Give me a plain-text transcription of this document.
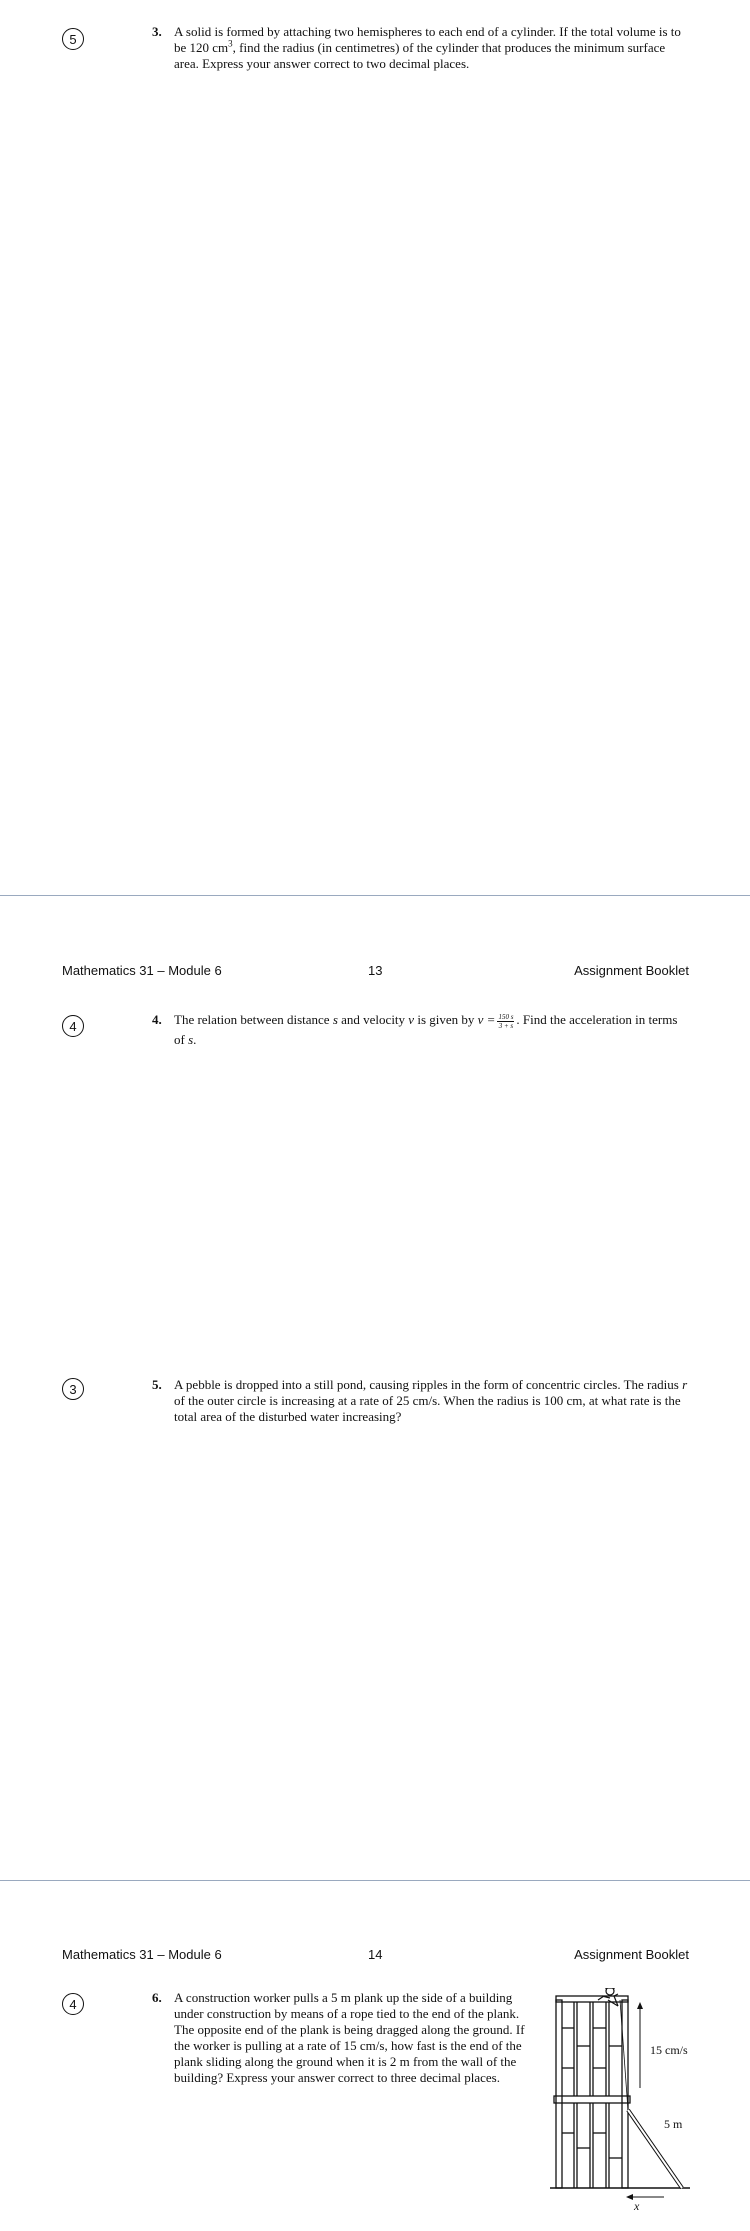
5	3. A solid is formed by attaching two hemispheres to each end of a cylinder. If the total volume is to be 120 $cm^3$, find the radius (in centimetres) of the cylinder that produces the minimum surface area. Express your answer correct to two decimal places.
Mathematics 31 – Module 6	13	Assignment Booklet
4	4. The relation between distance s and velocity v is given by $v = \frac{150 s}{3 + s}$ . Find the acceleration in terms of s.
3	5. A pebble is dropped into a still pond, causing ripples in the form of concentric circles. The radius r of the outer circle is increasing at a rate of 25 cm/s. When the radius is 100 cm, at what rate is the total area of the disturbed water increasing?
Mathematics 31 – Module 6	14	Assignment Booklet
4	6. A construction worker pulls a 5 m plank up the side of a building under construction by means of a rope tied to the end of the plank. The opposite end of the plank is being dragged along the ground. If the worker is pulling at a rate of 15 cm/s, how fast is the end of the plank sliding along the ground when it is 2 m from the wall of the building? Express your answer correct to three decimal places.
15 cm/s
5 m
x
